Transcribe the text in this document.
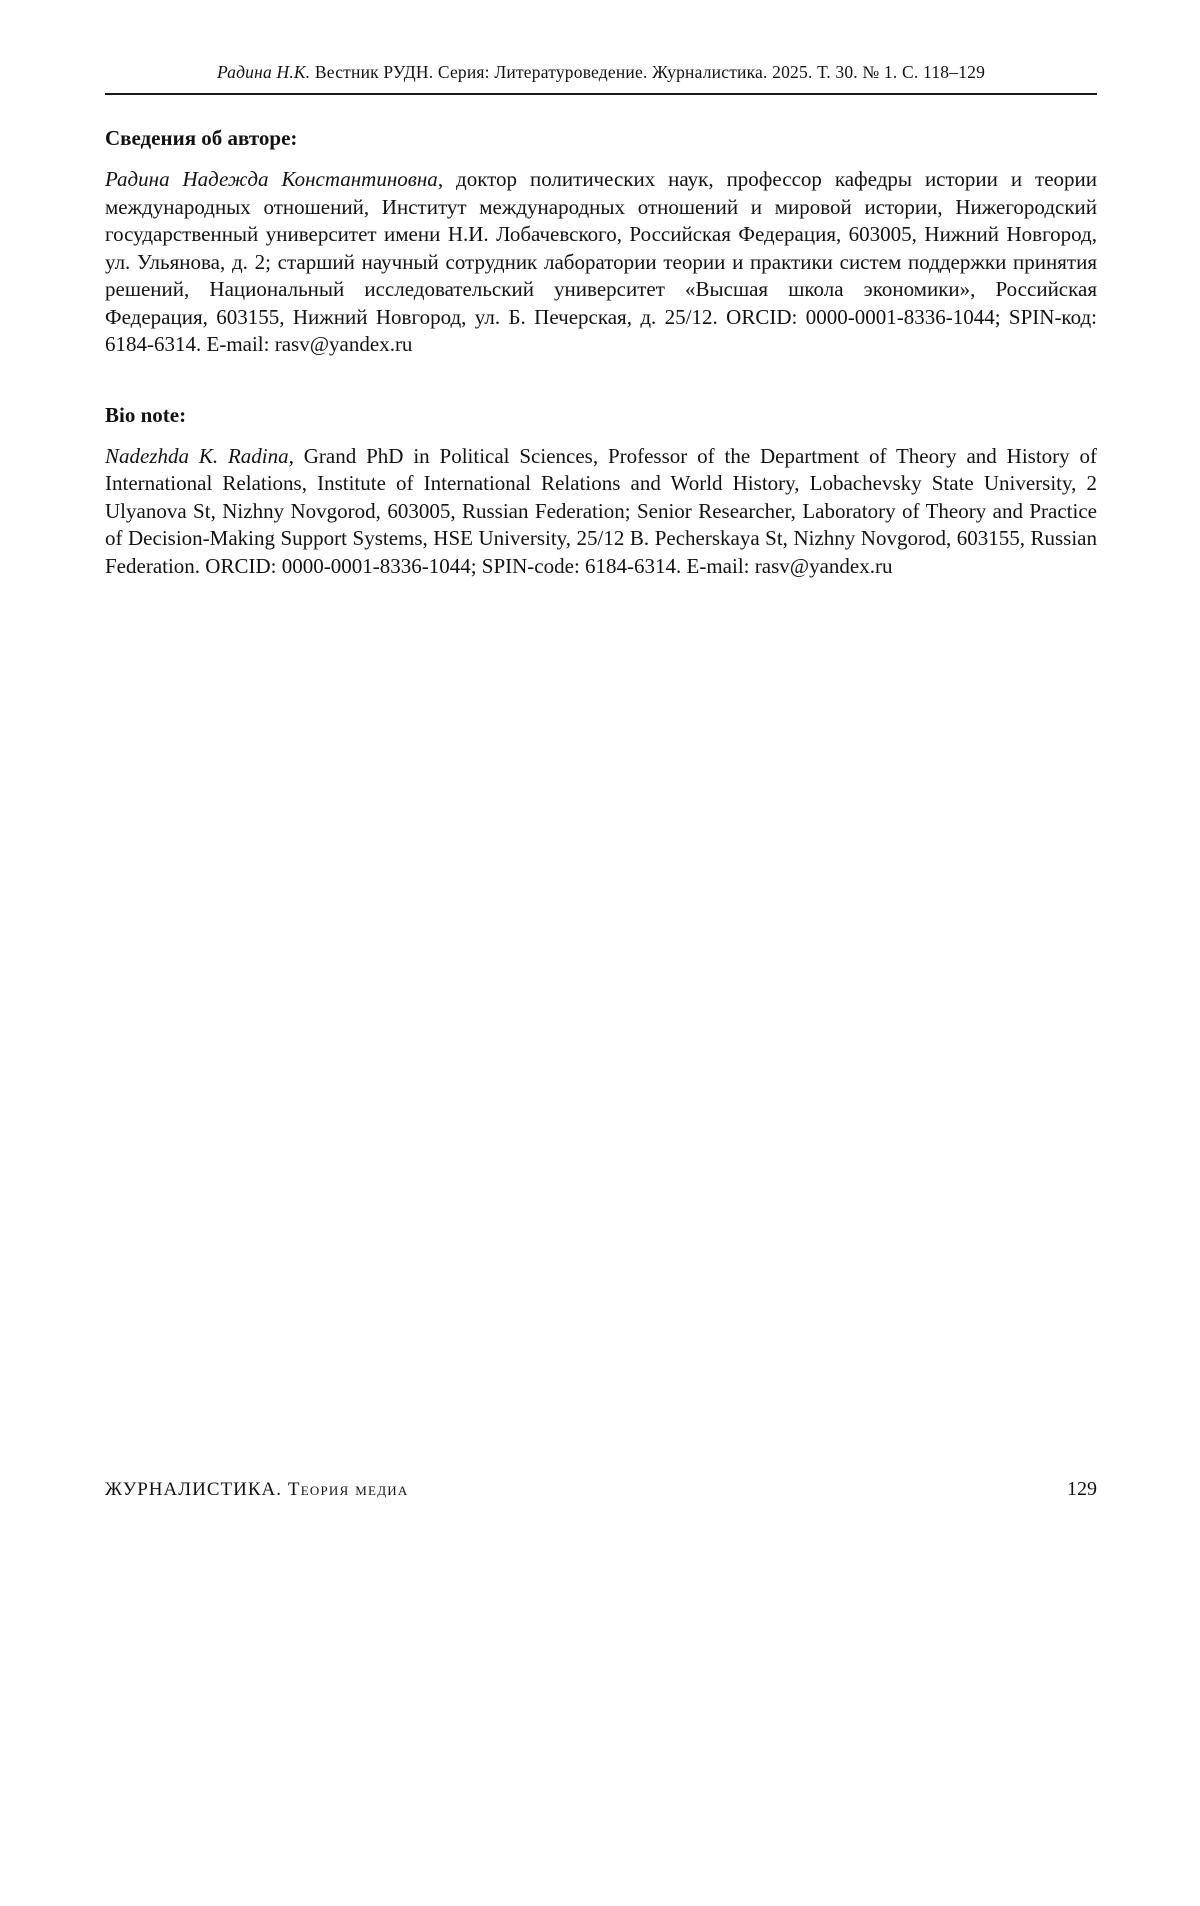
Радина Н.К. Вестник РУДН. Серия: Литературоведение. Журналистика. 2025. Т. 30. № 1. С. 118–129

Сведения об авторе:

Радина Надежда Константиновна, доктор политических наук, профессор кафедры истории и теории международных отношений, Институт международных отношений и мировой истории, Нижегородский государственный университет имени Н.И. Лобачевского, Российская Федерация, 603005, Нижний Новгород, ул. Ульянова, д. 2; старший научный сотрудник лаборатории теории и практики систем поддержки принятия решений, Национальный исследовательский университет «Высшая школа экономики», Российская Федерация, 603155, Нижний Новгород, ул. Б. Печерская, д. 25/12. ORCID: 0000-0001-8336-1044; SPIN-код: 6184-6314. E-mail: rasv@yandex.ru

Bio note:

Nadezhda K. Radina, Grand PhD in Political Sciences, Professor of the Department of Theory and History of International Relations, Institute of International Relations and World History, Lobachevsky State University, 2 Ulyanova St, Nizhny Novgorod, 603005, Russian Federation; Senior Researcher, Laboratory of Theory and Practice of Decision-Making Support Systems, HSE University, 25/12 B. Pecherskaya St, Nizhny Novgorod, 603155, Russian Federation. ORCID: 0000-0001-8336-1044; SPIN-code: 6184-6314. E-mail: rasv@yandex.ru

ЖУРНАЛИСТИКА. Теория медиа	129
